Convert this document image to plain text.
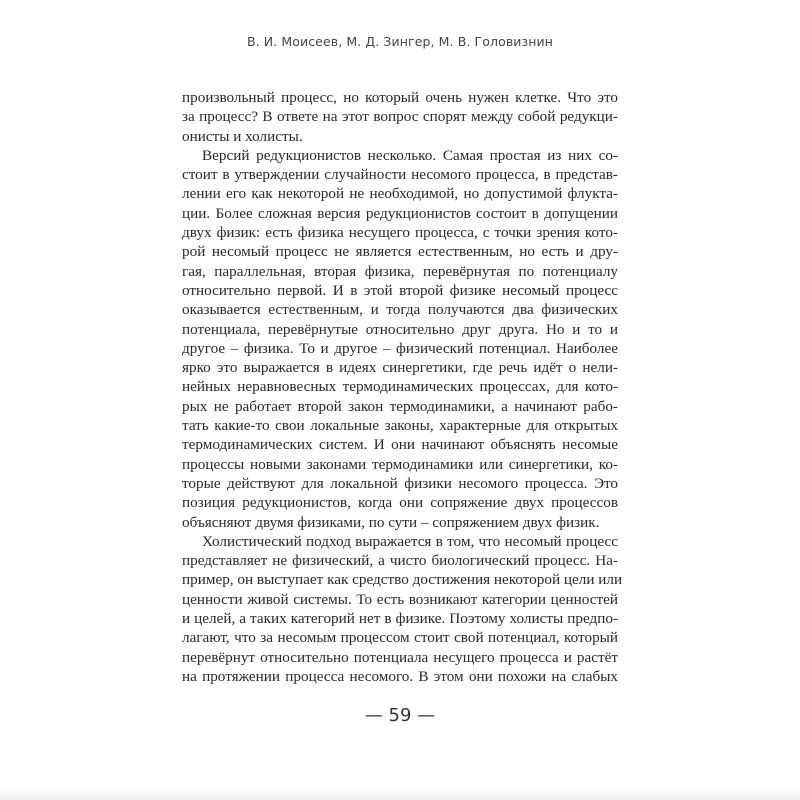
В. И. Моисеев, М. Д. Зингер, М. В. Головизнин
произвольный процесс, но который очень нужен клетке. Что это
за процесс? В ответе на этот вопрос спорят между собой редукци-
онисты и холисты.
Версий редукционистов несколько. Самая простая из них со-
стоит в утверждении случайности несомого процесса, в представ-
лении его как некоторой не необходимой, но допустимой флукта-
ции. Более сложная версия редукционистов состоит в допущении
двух физик: есть физика несущего процесса, с точки зрения кото-
рой несомый процесс не является естественным, но есть и дру-
гая, параллельная, вторая физика, перевёрнутая по потенциалу
относительно первой. И в этой второй физике несомый процесс
оказывается естественным, и тогда получаются два физических
потенциала, перевёрнутые относительно друг друга. Но и то и
другое – физика. То и другое – физический потенциал. Наиболее
ярко это выражается в идеях синергетики, где речь идёт о нели-
нейных неравновесных термодинамических процессах, для кото-
рых не работает второй закон термодинамики, а начинают рабо-
тать какие-то свои локальные законы, характерные для открытых
термодинамических систем. И они начинают объяснять несомые
процессы новыми законами термодинамики или синергетики, ко-
торые действуют для локальной физики несомого процесса. Это
позиция редукционистов, когда они сопряжение двух процессов
объясняют двумя физиками, по сути – сопряжением двух физик.
Холистический подход выражается в том, что несомый процесс
представляет не физический, а чисто биологический процесс. На-
пример, он выступает как средство достижения некоторой цели или
ценности живой системы. То есть возникают категории ценностей
и целей, а таких категорий нет в физике. Поэтому холисты предпо-
лагают, что за несомым процессом стоит свой потенциал, который
перевёрнут относительно потенциала несущего процесса и растёт
на протяжении процесса несомого. В этом они похожи на слабых
— 59 —
